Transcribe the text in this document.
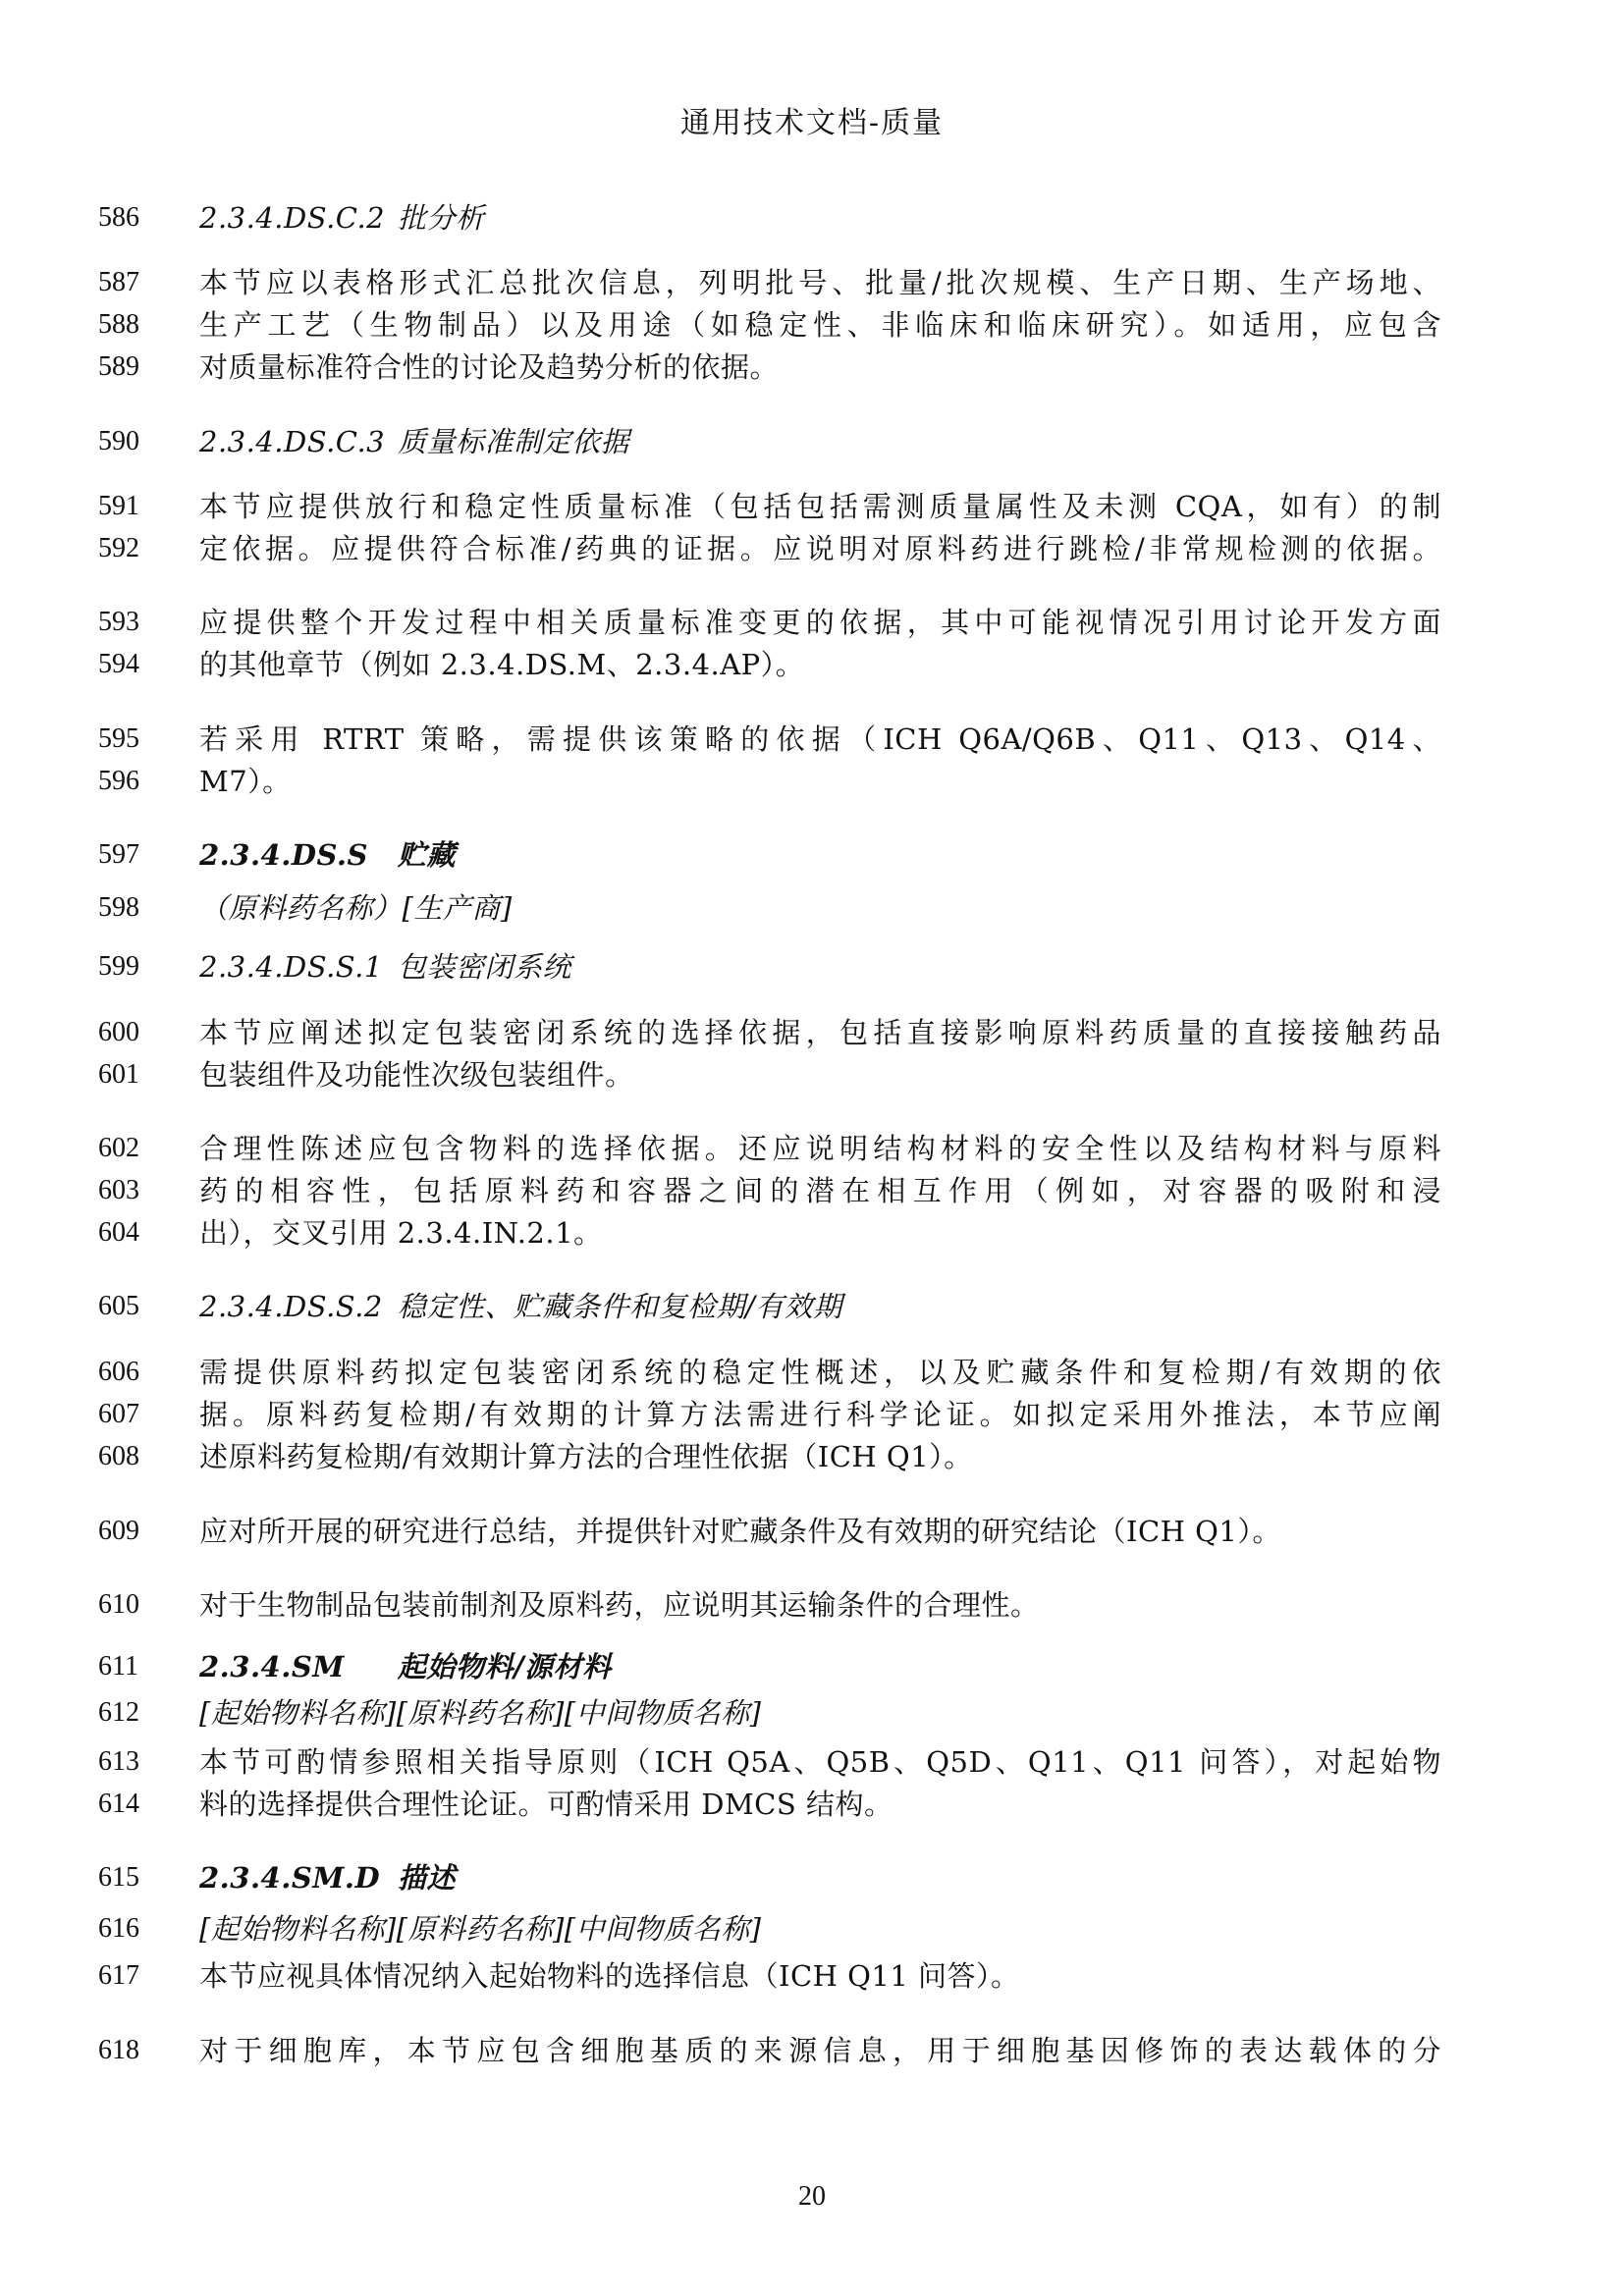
通用技术文档-质量
586	2.3.4.DS.C.2 批分析
587	本节应以表格形式汇总批次信息，列明批号、批量/批次规模、生产日期、生产场地、
588	生产工艺（生物制品）以及用途（如稳定性、非临床和临床研究）。如适用，应包含
589	对质量标准符合性的讨论及趋势分析的依据。
590	2.3.4.DS.C.3 质量标准制定依据
591	本节应提供放行和稳定性质量标准（包括包括需测质量属性及未测 CQA，如有）的制
592	定依据。应提供符合标准/药典的证据。应说明对原料药进行跳检/非常规检测的依据。
593	应提供整个开发过程中相关质量标准变更的依据，其中可能视情况引用讨论开发方面
594	的其他章节（例如 2.3.4.DS.M、2.3.4.AP）。
595	若采用 RTRT 策略，需提供该策略的依据（ICH Q6A/Q6B、Q11、Q13、Q14、
596	M7）。
597	2.3.4.DS.S 贮藏
598	（原料药名称）[生产商]
599	2.3.4.DS.S.1 包装密闭系统
600	本节应阐述拟定包装密闭系统的选择依据，包括直接影响原料药质量的直接接触药品
601	包装组件及功能性次级包装组件。
602	合理性陈述应包含物料的选择依据。还应说明结构材料的安全性以及结构材料与原料
603	药的相容性，包括原料药和容器之间的潜在相互作用（例如，对容器的吸附和浸
604	出），交叉引用 2.3.4.IN.2.1。
605	2.3.4.DS.S.2 稳定性、贮藏条件和复检期/有效期
606	需提供原料药拟定包装密闭系统的稳定性概述，以及贮藏条件和复检期/有效期的依
607	据。原料药复检期/有效期的计算方法需进行科学论证。如拟定采用外推法，本节应阐
608	述原料药复检期/有效期计算方法的合理性依据（ICH Q1）。
609	应对所开展的研究进行总结，并提供针对贮藏条件及有效期的研究结论（ICH Q1）。
610	对于生物制品包装前制剂及原料药，应说明其运输条件的合理性。
611	2.3.4.SM 起始物料/源材料
612	[起始物料名称][原料药名称][中间物质名称]
613	本节可酌情参照相关指导原则（ICH Q5A、Q5B、Q5D、Q11、Q11 问答），对起始物
614	料的选择提供合理性论证。可酌情采用 DMCS 结构。
615	2.3.4.SM.D 描述
616	[起始物料名称][原料药名称][中间物质名称]
617	本节应视具体情况纳入起始物料的选择信息（ICH Q11 问答）。
618	对于细胞库，本节应包含细胞基质的来源信息，用于细胞基因修饰的表达载体的分
20
